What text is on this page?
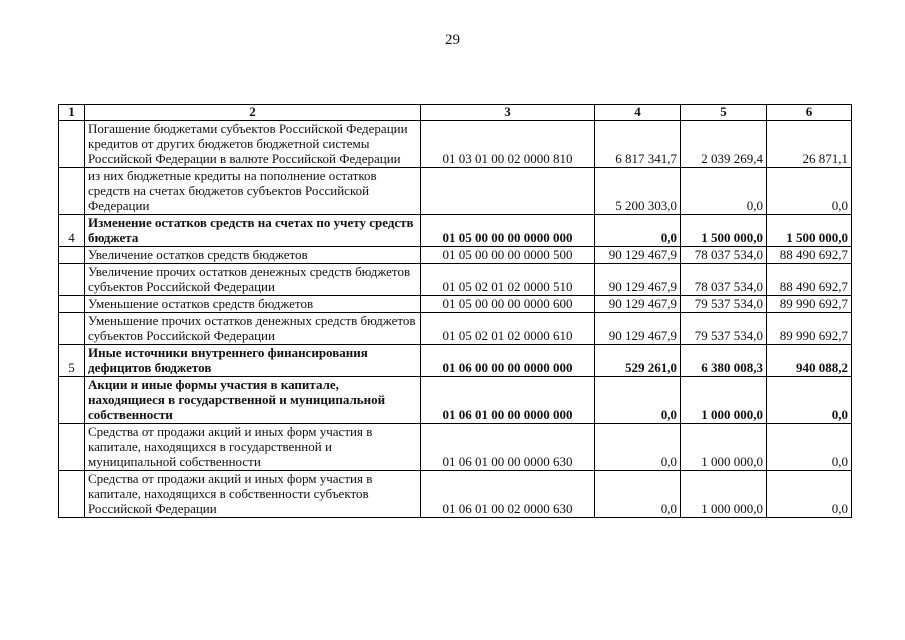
29
1	2	3	4	5	6
	Погашение бюджетами субъектов Российской Федерации кредитов от других бюджетов бюджетной системы Российской Федерации в валюте Российской Федерации	01 03 01 00 02 0000 810	6 817 341,7	2 039 269,4	26 871,1
	из них бюджетные кредиты на пополнение остатков средств на счетах бюджетов субъектов Российской Федерации		5 200 303,0	0,0	0,0
4	Изменение остатков средств на счетах по учету средств бюджета	01 05 00 00 00 0000 000	0,0	1 500 000,0	1 500 000,0
	Увеличение остатков средств бюджетов	01 05 00 00 00 0000 500	90 129 467,9	78 037 534,0	88 490 692,7
	Увеличение прочих остатков денежных средств бюджетов субъектов Российской Федерации	01 05 02 01 02 0000 510	90 129 467,9	78 037 534,0	88 490 692,7
	Уменьшение остатков средств бюджетов	01 05 00 00 00 0000 600	90 129 467,9	79 537 534,0	89 990 692,7
	Уменьшение прочих остатков денежных средств бюджетов субъектов Российской Федерации	01 05 02 01 02 0000 610	90 129 467,9	79 537 534,0	89 990 692,7
5	Иные источники внутреннего финансирования дефицитов бюджетов	01 06 00 00 00 0000 000	529 261,0	6 380 008,3	940 088,2
	Акции и иные формы участия в капитале, находящиеся в государственной и муниципальной собственности	01 06 01 00 00 0000 000	0,0	1 000 000,0	0,0
	Средства от продажи акций и иных форм участия в капитале, находящихся в государственной и муниципальной собственности	01 06 01 00 00 0000 630	0,0	1 000 000,0	0,0
	Средства от продажи акций и иных форм участия в капитале, находящихся в собственности субъектов Российской Федерации	01 06 01 00 02 0000 630	0,0	1 000 000,0	0,0
